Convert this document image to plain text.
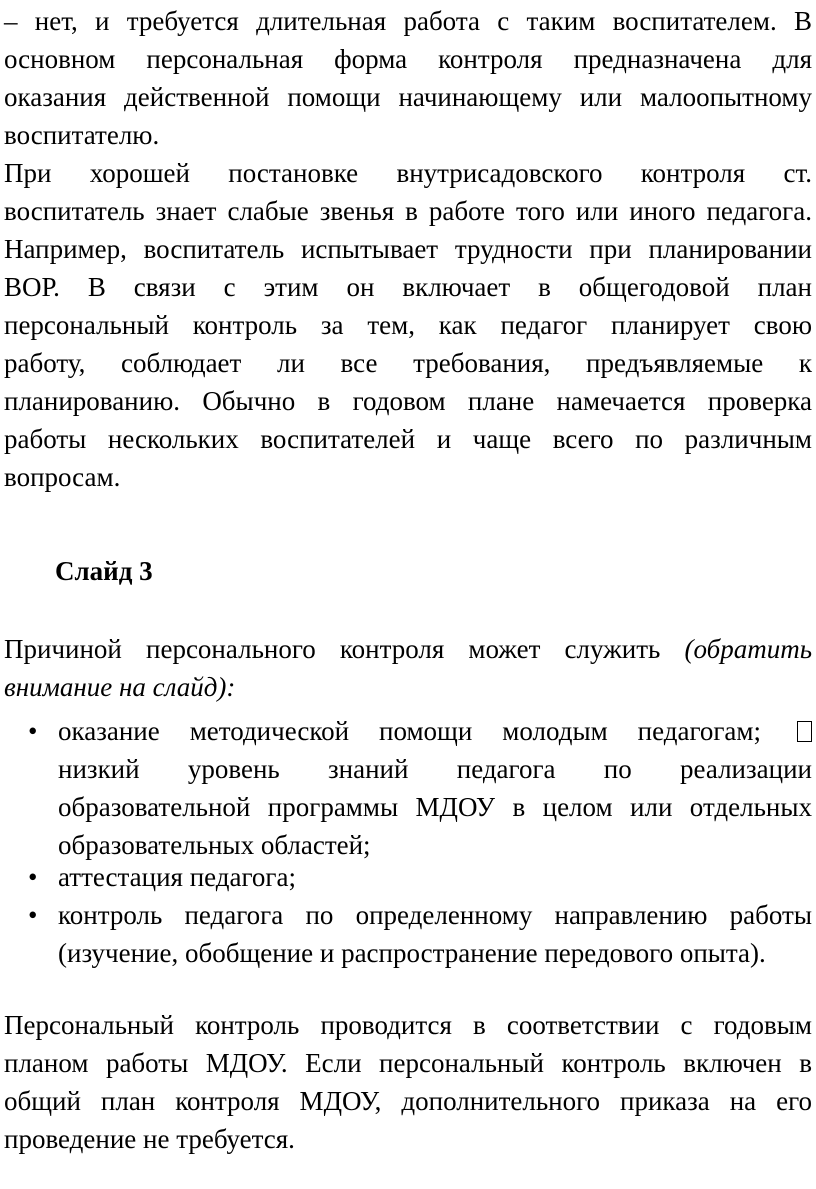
– нет, и требуется длительная работа с таким воспитателем. В
основном персональная форма контроля предназначена для
оказания действенной помощи начинающему или малоопытному
воспитателю.
При хорошей постановке внутрисадовского контроля ст.
воспитатель знает слабые звенья в работе того или иного педагога.
Например, воспитатель испытывает трудности при планировании
ВОР. В связи с этим он включает в общегодовой план
персональный контроль за тем, как педагог планирует свою
работу, соблюдает ли все требования, предъявляемые к
планированию. Обычно в годовом плане намечается проверка
работы нескольких воспитателей и чаще всего по различным
вопросам.
Слайд 3
Причиной персонального контроля может служить (обратить
внимание на слайд):
• оказание методической помощи молодым педагогам;
низкий уровень знаний педагога по реализации
образовательной программы МДОУ в целом или отдельных
образовательных областей;
• аттестация педагога;
• контроль педагога по определенному направлению работы
(изучение, обобщение и распространение передового опыта).
Персональный контроль проводится в соответствии с годовым
планом работы МДОУ. Если персональный контроль включен в
общий план контроля МДОУ, дополнительного приказа на его
проведение не требуется.
